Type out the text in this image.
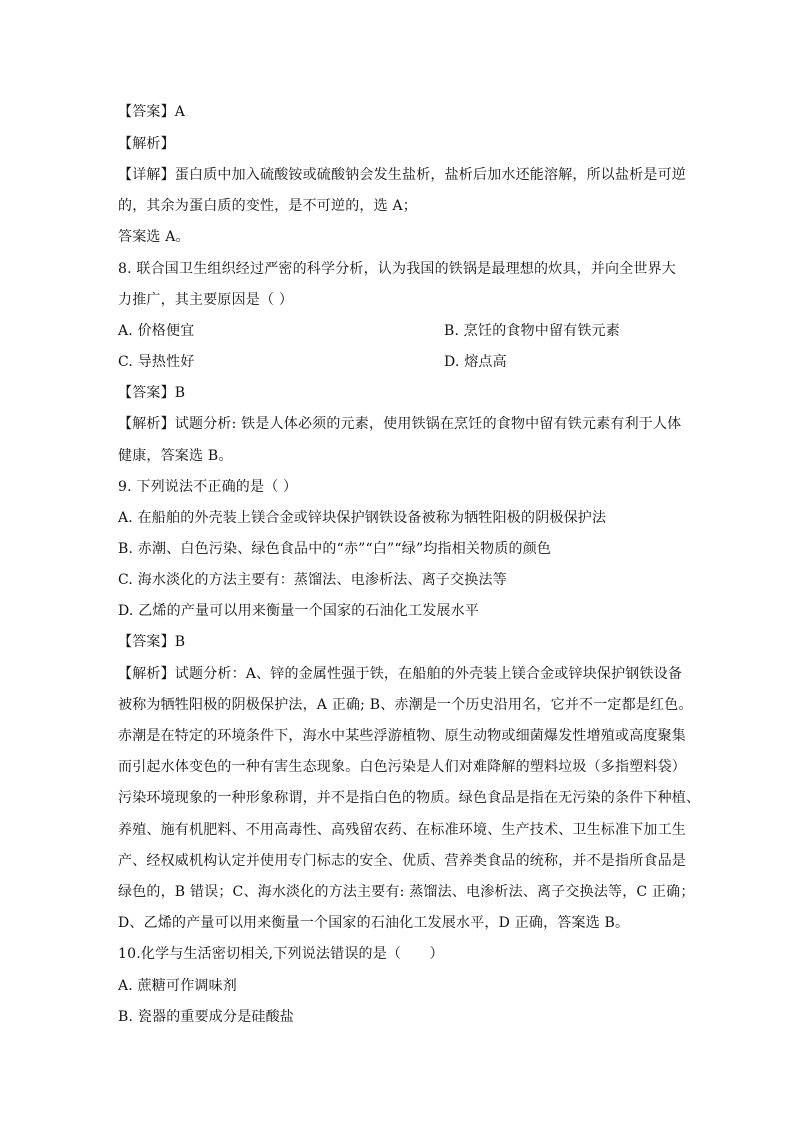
【答案】A
【解析】
【详解】蛋白质中加入硫酸铵或硫酸钠会发生盐析，盐析后加水还能溶解，所以盐析是可逆
的，其余为蛋白质的变性，是不可逆的，选 A；
答案选 A。
8. 联合国卫生组织经过严密的科学分析，认为我国的铁锅是最理想的炊具，并向全世界大
力推广，其主要原因是（ ）
A. 价格便宜	B. 烹饪的食物中留有铁元素
C. 导热性好	D. 熔点高
【答案】B
【解析】试题分析: 铁是人体必须的元素，使用铁锅在烹饪的食物中留有铁元素有利于人体
健康，答案选 B。
9. 下列说法不正确的是（ ）
A. 在船舶的外壳装上镁合金或锌块保护钢铁设备被称为牺牲阳极的阴极保护法
B. 赤潮、白色污染、绿色食品中的“赤”“白”“绿”均指相关物质的颜色
C. 海水淡化的方法主要有：蒸馏法、电渗析法、离子交换法等
D. 乙烯的产量可以用来衡量一个国家的石油化工发展水平
【答案】B
【解析】试题分析：A、锌的金属性强于铁，在船舶的外壳装上镁合金或锌块保护钢铁设备
被称为牺牲阳极的阴极保护法，A 正确; B、赤潮是一个历史沿用名，它并不一定都是红色。
赤潮是在特定的环境条件下，海水中某些浮游植物、原生动物或细菌爆发性增殖或高度聚集
而引起水体变色的一种有害生态现象。白色污染是人们对难降解的塑料垃圾（多指塑料袋）
污染环境现象的一种形象称谓，并不是指白色的物质。绿色食品是指在无污染的条件下种植、
养殖、施有机肥料、不用高毒性、高残留农药、在标准环境、生产技术、卫生标准下加工生
产、经权威机构认定并使用专门标志的安全、优质、营养类食品的统称，并不是指所食品是
绿色的，B 错误；C、海水淡化的方法主要有: 蒸馏法、电渗析法、离子交换法等，C 正确；
D、乙烯的产量可以用来衡量一个国家的石油化工发展水平，D 正确，答案选 B。
10.化学与生活密切相关,下列说法错误的是（　　）
A. 蔗糖可作调味剂
B. 瓷器的重要成分是硅酸盐
